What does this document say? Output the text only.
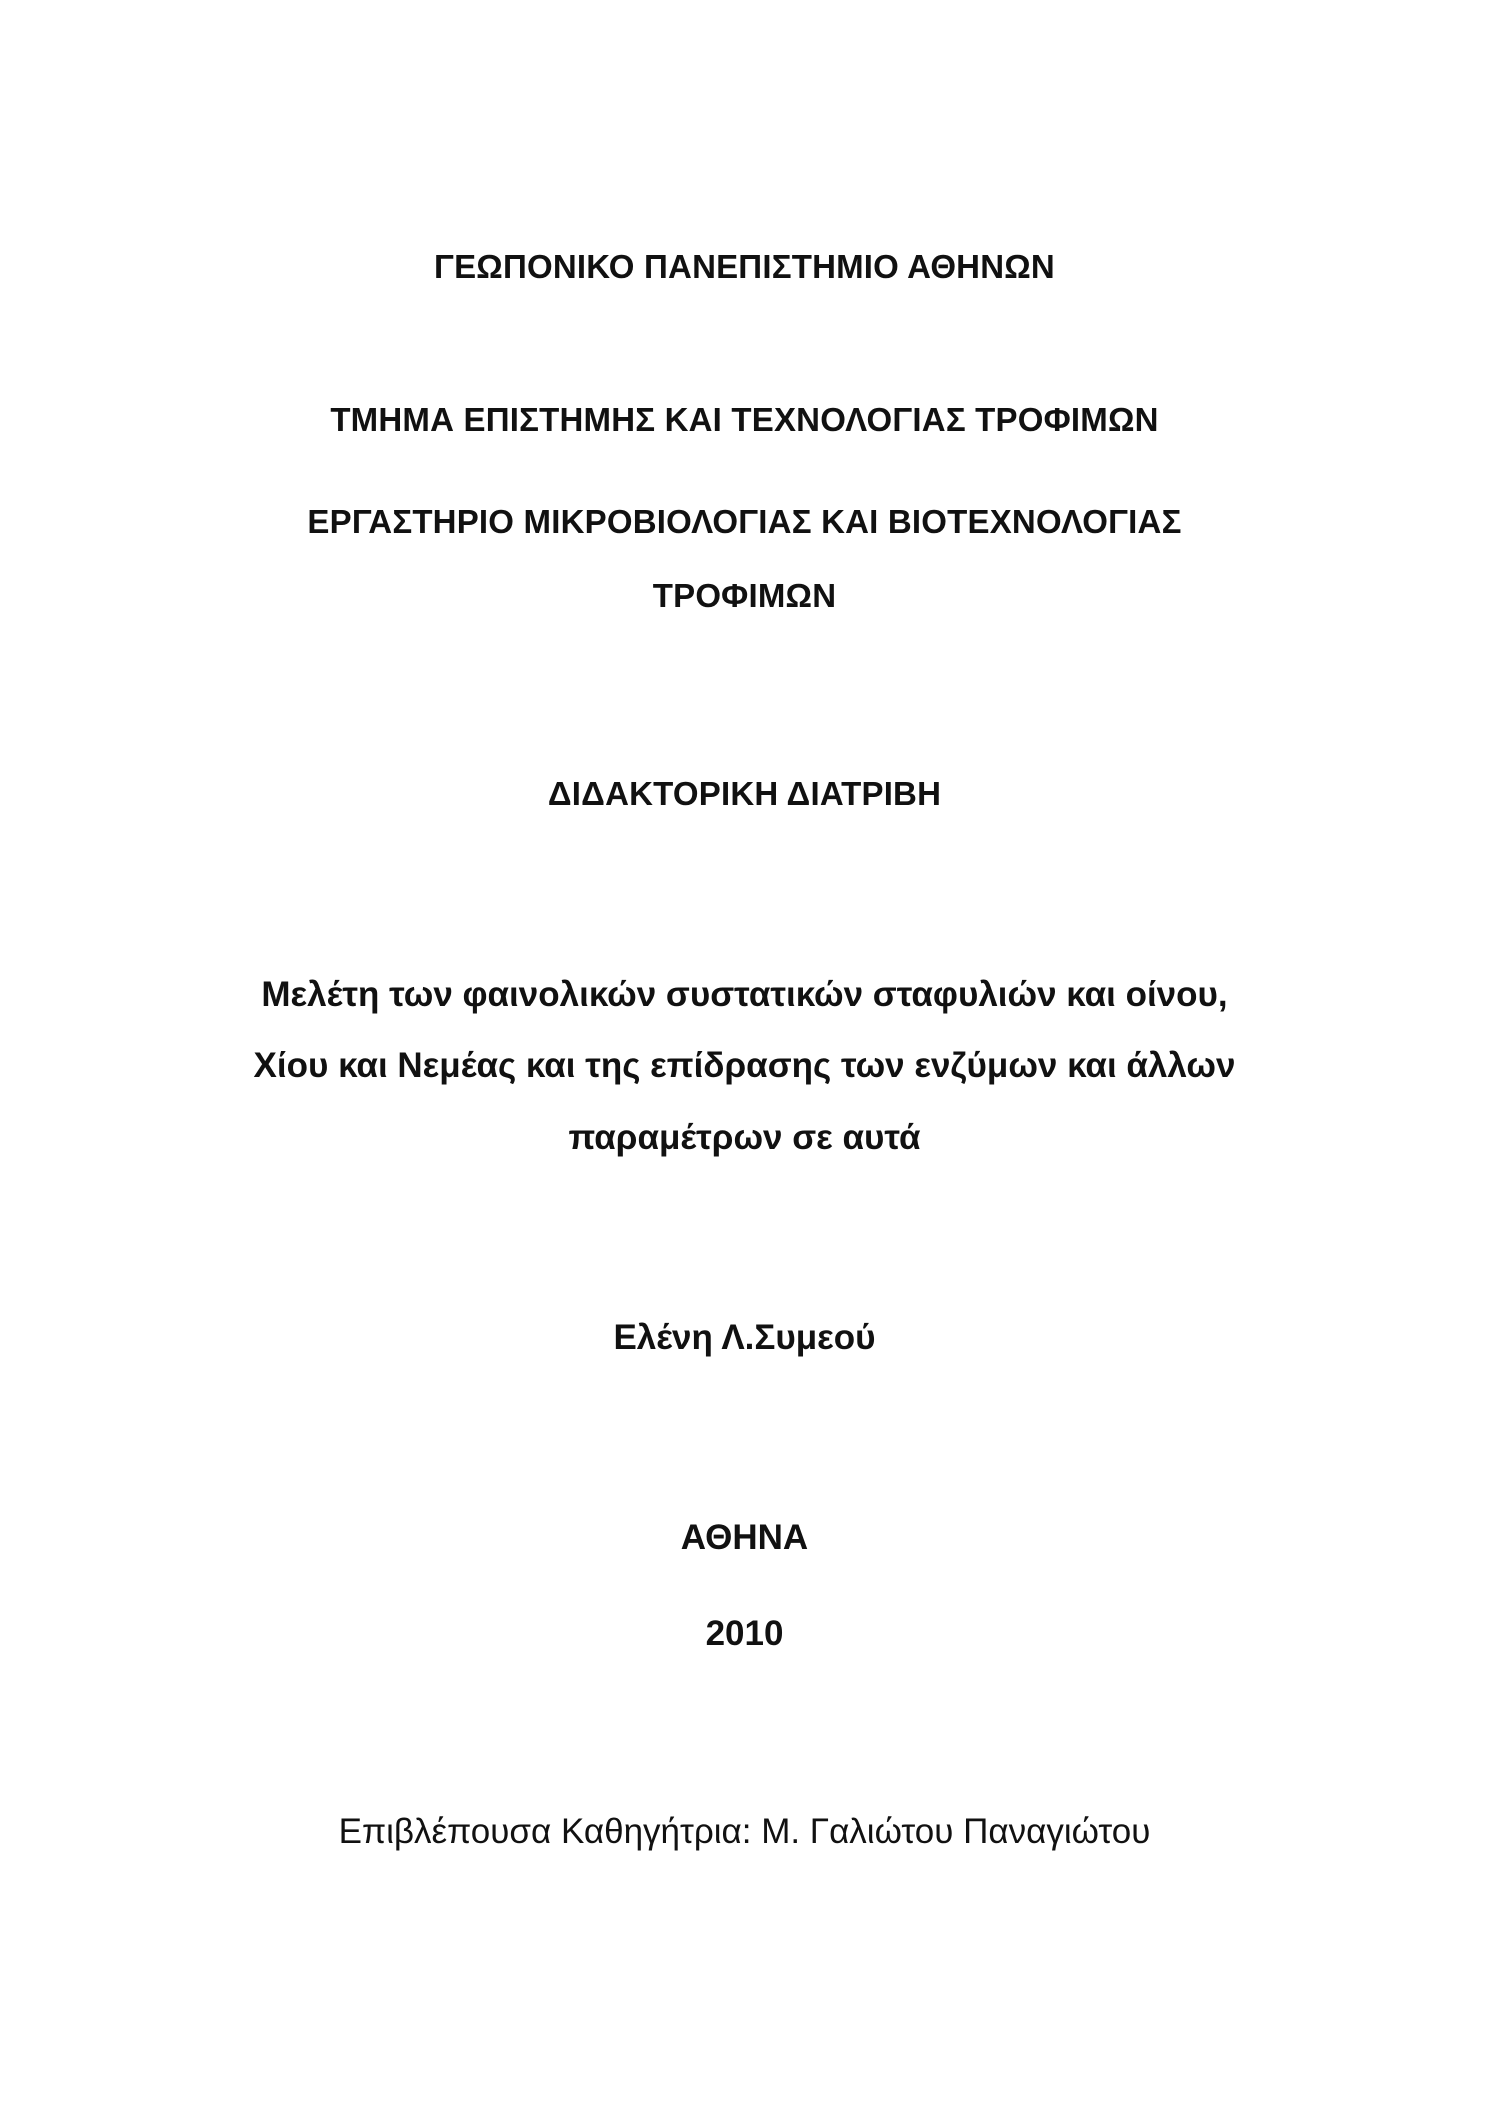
ΓΕΩΠΟΝΙΚΟ ΠΑΝΕΠΙΣΤΗΜΙΟ ΑΘΗΝΩΝ
ΤΜΗΜΑ ΕΠΙΣΤΗΜΗΣ ΚΑΙ ΤΕΧΝΟΛΟΓΙΑΣ ΤΡΟΦΙΜΩΝ
ΕΡΓΑΣΤΗΡΙΟ ΜΙΚΡΟΒΙΟΛΟΓΙΑΣ ΚΑΙ ΒΙΟΤΕΧΝΟΛΟΓΙΑΣ
ΤΡΟΦΙΜΩΝ
ΔΙΔΑΚΤΟΡΙΚΗ ΔΙΑΤΡΙΒΗ
Μελέτη των φαινολικών συστατικών σταφυλιών και οίνου,
Χίου και Νεμέας και της επίδρασης των ενζύμων και άλλων
παραμέτρων σε αυτά
Ελένη Λ.Συμεού
ΑΘΗΝΑ
2010
Επιβλέπουσα Καθηγήτρια: Μ. Γαλιώτου Παναγιώτου
